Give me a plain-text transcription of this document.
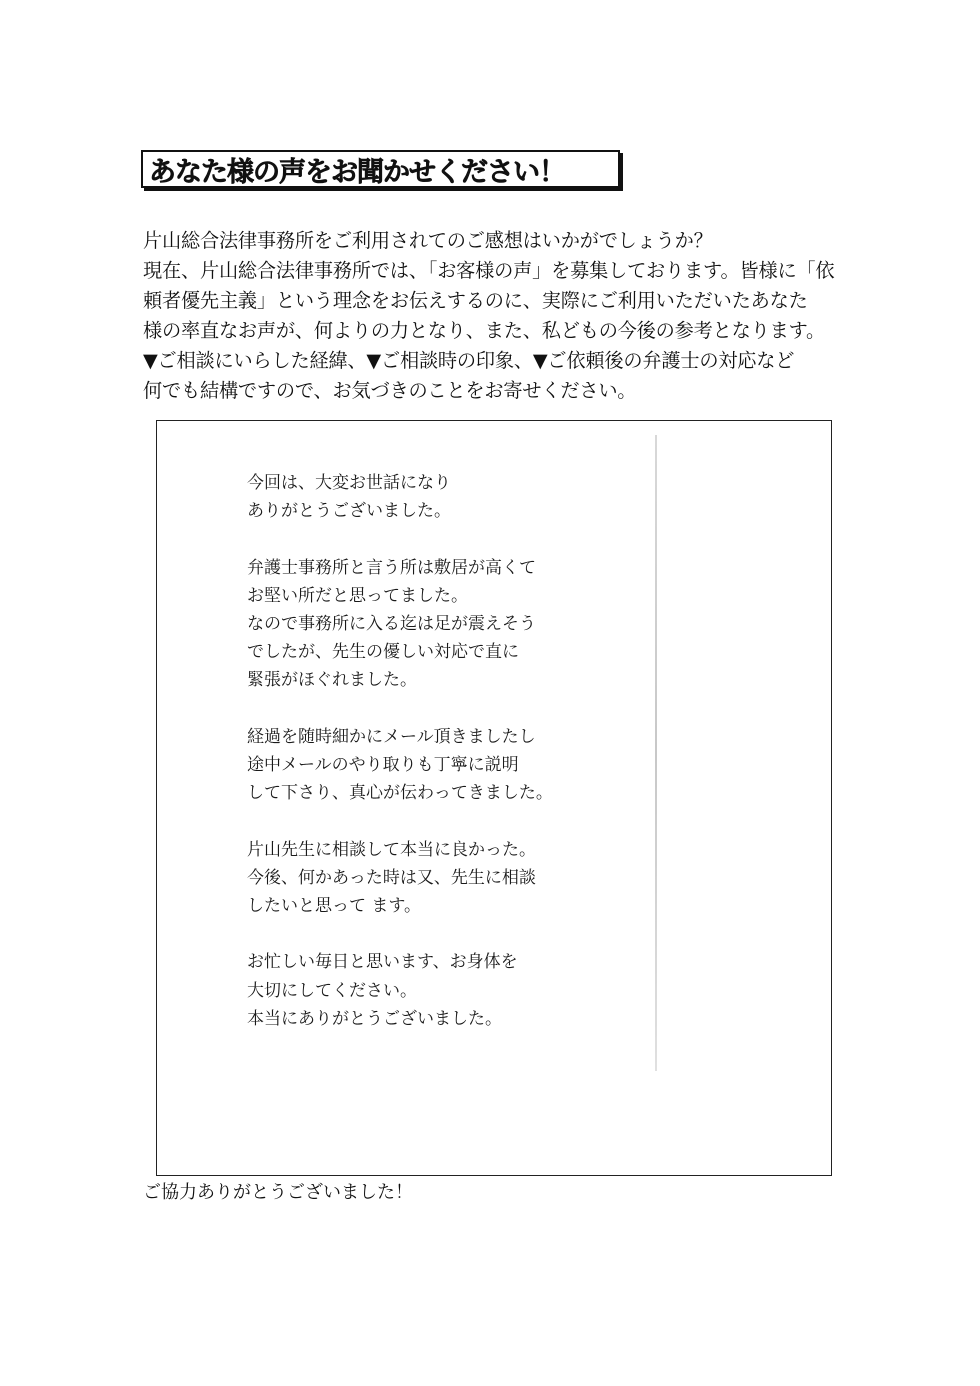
あなた様の声をお聞かせください！
片山総合法律事務所をご利用されてのご感想はいかがでしょうか？
現在、片山総合法律事務所では、「お客様の声」を募集しております。皆様に「依
頼者優先主義」という理念をお伝えするのに、実際にご利用いただいたあなた
様の率直なお声が、何よりの力となり、また、私どもの今後の参考となります。
▼ご相談にいらした経緯、▼ご相談時の印象、▼ご依頼後の弁護士の対応など
何でも結構ですので、お気づきのことをお寄せください。
今回は、大変お世話になり
ありがとうございました。
弁護士事務所と言う所は敷居が高くて
お堅い所だと思ってました。
なので事務所に入る迄は足が震えそう
でしたが、先生の優しい対応で直に
緊張がほぐれました。
経過を随時細かにメール頂きましたし
途中メールのやり取りも丁寧に説明
して下さり、真心が伝わってきました。
片山先生に相談して本当に良かった。
今後、何かあった時は又、先生に相談
したいと思って ます。
お忙しい毎日と思います、お身体を
大切にしてください。
本当にありがとうございました。
ご協力ありがとうございました！
